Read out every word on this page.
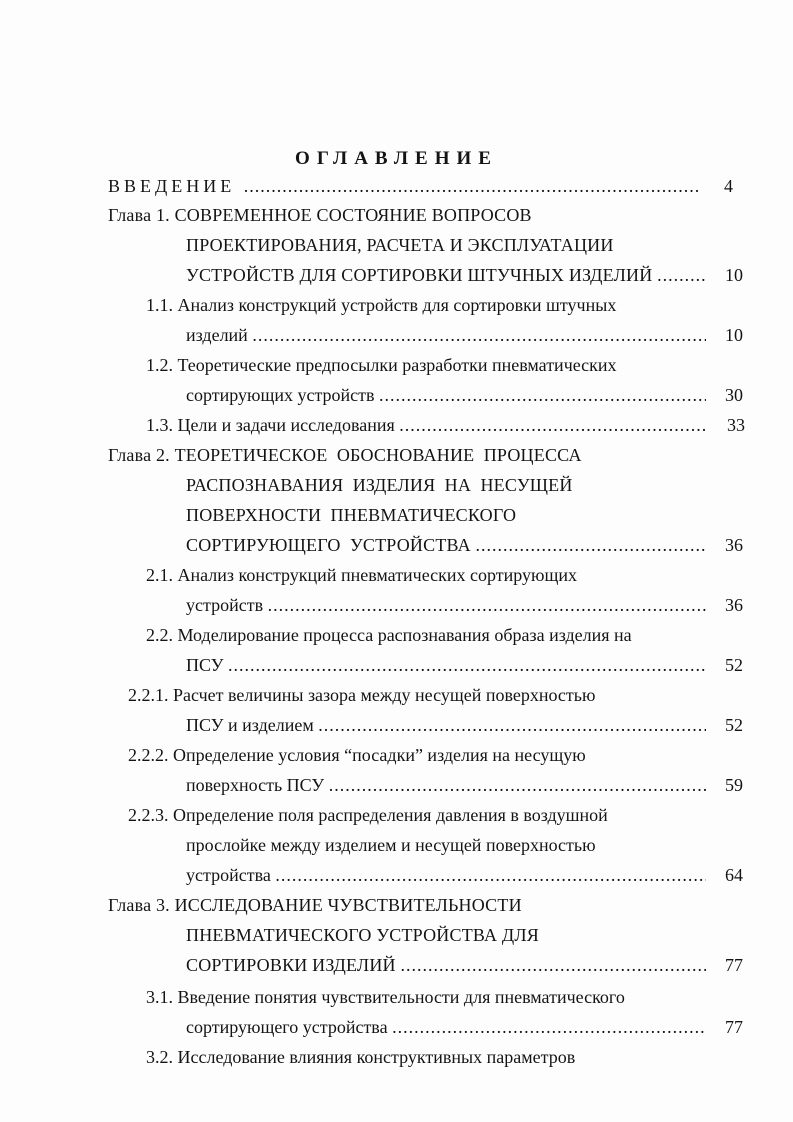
ОГЛАВЛЕНИЕ
ВВЕДЕНИЕ .....	4
Глава 1. СОВРЕМЕННОЕ СОСТОЯНИЕ ВОПРОСОВ
ПРОЕКТИРОВАНИЯ, РАСЧЕТА И ЭКСПЛУАТАЦИИ
УСТРОЙСТВ ДЛЯ СОРТИРОВКИ ШТУЧНЫХ ИЗДЕЛИЙ .....	10
1.1. Анализ конструкций устройств для сортировки штучных
изделий .....	10
1.2. Теоретические предпосылки разработки пневматических
сортирующих устройств .....	30
1.3. Цели и задачи исследования .....	33
Глава 2. ТЕОРЕТИЧЕСКОЕ  ОБОСНОВАНИЕ  ПРОЦЕССА
РАСПОЗНАВАНИЯ  ИЗДЕЛИЯ  НА  НЕСУЩЕЙ
ПОВЕРХНОСТИ  ПНЕВМАТИЧЕСКОГО
СОРТИРУЮЩЕГО  УСТРОЙСТВА .....	36
2.1. Анализ конструкций пневматических сортирующих
устройств .....	36
2.2. Моделирование процесса распознавания образа изделия на
ПСУ .....	52
2.2.1. Расчет величины зазора между несущей поверхностью
ПСУ и изделием .....	52
2.2.2. Определение условия “посадки” изделия на несущую
поверхность ПСУ .....	59
2.2.3. Определение поля распределения давления в воздушной
прослойке между изделием и несущей поверхностью
устройства .....	64
Глава 3. ИССЛЕДОВАНИЕ ЧУВСТВИТЕЛЬНОСТИ
ПНЕВМАТИЧЕСКОГО УСТРОЙСТВА ДЛЯ
СОРТИРОВКИ ИЗДЕЛИЙ .....	77
3.1. Введение понятия чувствительности для пневматического
сортирующего устройства .....	77
3.2. Исследование влияния конструктивных параметров
